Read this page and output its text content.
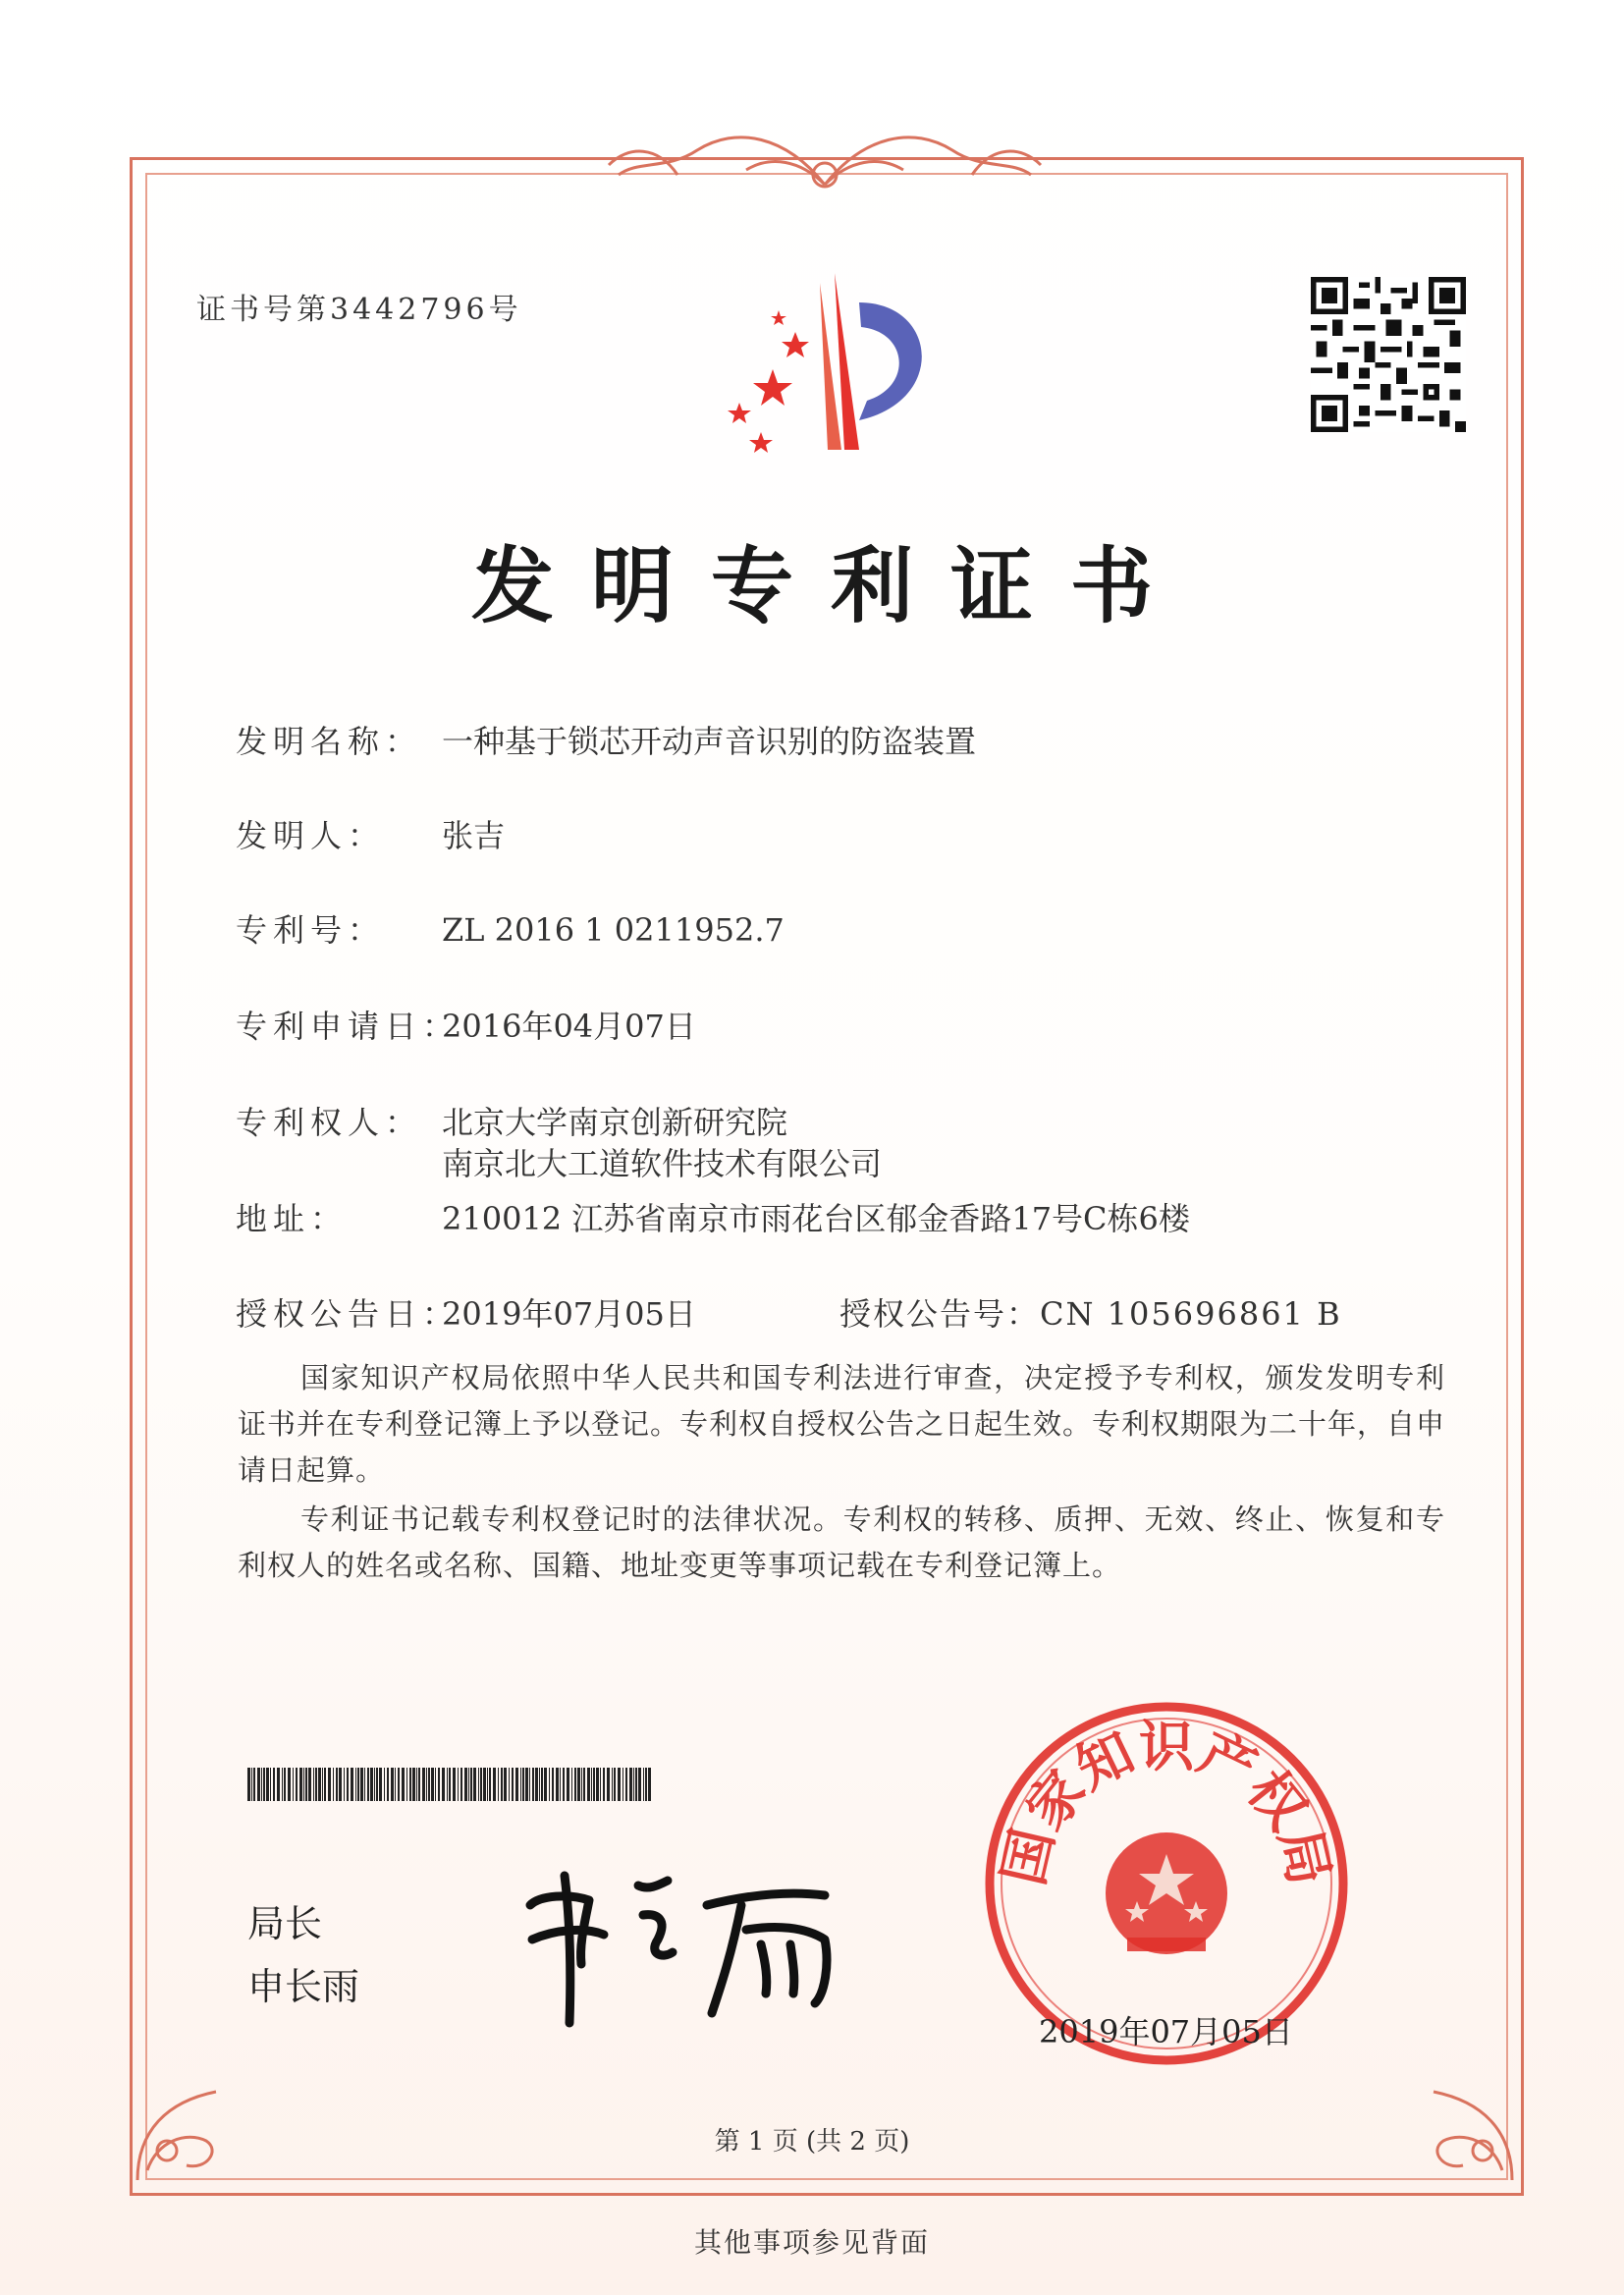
证书号第3442796号
发明专利证书
发明名称： 一种基于锁芯开动声音识别的防盗装置
发明人： 张吉
专利号： ZL 2016 1 0211952.7
专利申请日：2016年04月07日
专利权人： 北京大学南京创新研究院
南京北大工道软件技术有限公司
地址：	210012 江苏省南京市雨花台区郁金香路17号C栋6楼
授权公告日：2019年07月05日	授权公告号：CN 105696861 B
国家知识产权局依照中华人民共和国专利法进行审查，决定授予专利权，颁发发明专利证书并在专利登记簿上予以登记。专利权自授权公告之日起生效。专利权期限为二十年，自申请日起算。
专利证书记载专利权登记时的法律状况。专利权的转移、质押、无效、终止、恢复和专利权人的姓名或名称、国籍、地址变更等事项记载在专利登记簿上。
局长
申长雨
国家知识产权局
2019年07月05日
第 1 页 (共 2 页)
其他事项参见背面
